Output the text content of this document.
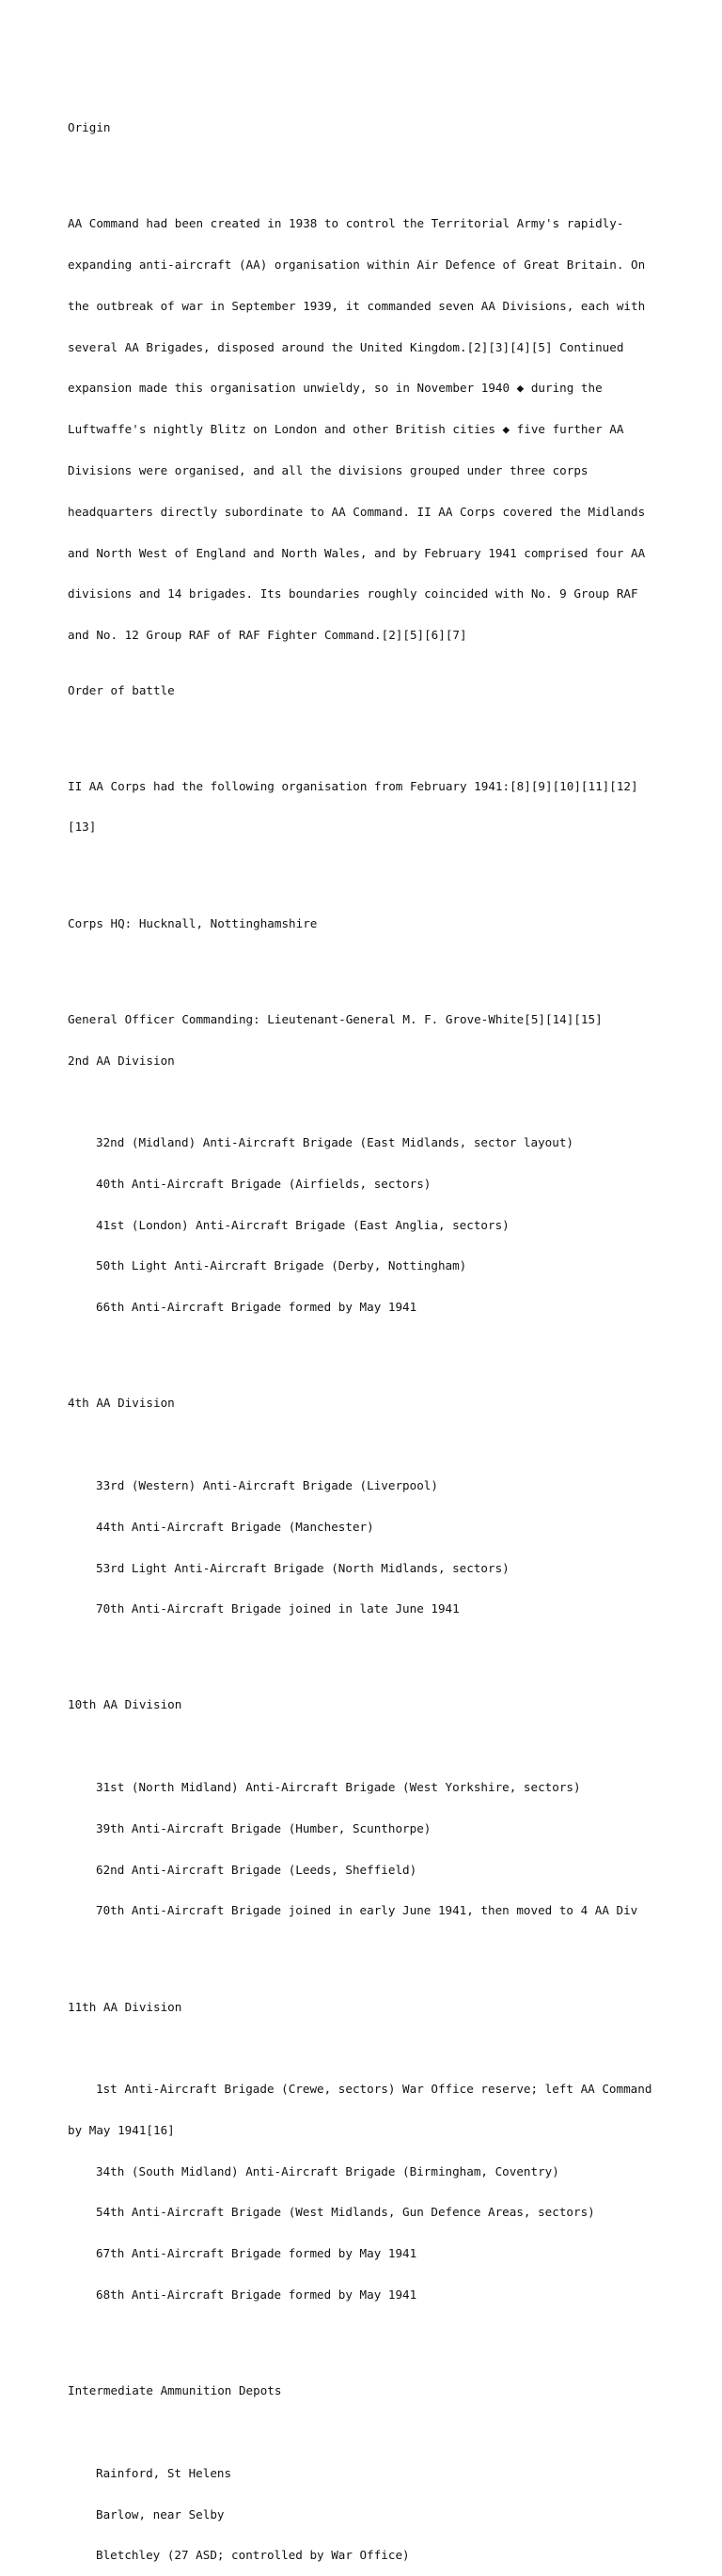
Origin

AA Command had been created in 1938 to control the Territorial Army's rapidly-

expanding anti-aircraft (AA) organisation within Air Defence of Great Britain. On

the outbreak of war in September 1939, it commanded seven AA Divisions, each with

several AA Brigades, disposed around the United Kingdom.[2][3][4][5] Continued

expansion made this organisation unwieldy, so in November 1940 ◆ during the

Luftwaffe's nightly Blitz on London and other British cities ◆ five further AA

Divisions were organised, and all the divisions grouped under three corps

headquarters directly subordinate to AA Command. II AA Corps covered the Midlands

and North West of England and North Wales, and by February 1941 comprised four AA

divisions and 14 brigades. Its boundaries roughly coincided with No. 9 Group RAF

and No. 12 Group RAF of RAF Fighter Command.[2][5][6][7]

Order of battle

II AA Corps had the following organisation from February 1941:[8][9][10][11][12]

[13]

Corps HQ: Hucknall, Nottinghamshire

General Officer Commanding: Lieutenant-General M. F. Grove-White[5][14][15]

2nd AA Division

32nd (Midland) Anti-Aircraft Brigade (East Midlands, sector layout)

40th Anti-Aircraft Brigade (Airfields, sectors)

41st (London) Anti-Aircraft Brigade (East Anglia, sectors)

50th Light Anti-Aircraft Brigade (Derby, Nottingham)

66th Anti-Aircraft Brigade formed by May 1941

4th AA Division

33rd (Western) Anti-Aircraft Brigade (Liverpool)

44th Anti-Aircraft Brigade (Manchester)

53rd Light Anti-Aircraft Brigade (North Midlands, sectors)

70th Anti-Aircraft Brigade joined in late June 1941

10th AA Division

31st (North Midland) Anti-Aircraft Brigade (West Yorkshire, sectors)

39th Anti-Aircraft Brigade (Humber, Scunthorpe)

62nd Anti-Aircraft Brigade (Leeds, Sheffield)

70th Anti-Aircraft Brigade joined in early June 1941, then moved to 4 AA Div

11th AA Division

1st Anti-Aircraft Brigade (Crewe, sectors) War Office reserve; left AA Command

by May 1941[16]

34th (South Midland) Anti-Aircraft Brigade (Birmingham, Coventry)

54th Anti-Aircraft Brigade (West Midlands, Gun Defence Areas, sectors)

67th Anti-Aircraft Brigade formed by May 1941

68th Anti-Aircraft Brigade formed by May 1941

Intermediate Ammunition Depots

Rainford, St Helens

Barlow, near Selby

Bletchley (27 ASD; controlled by War Office)
